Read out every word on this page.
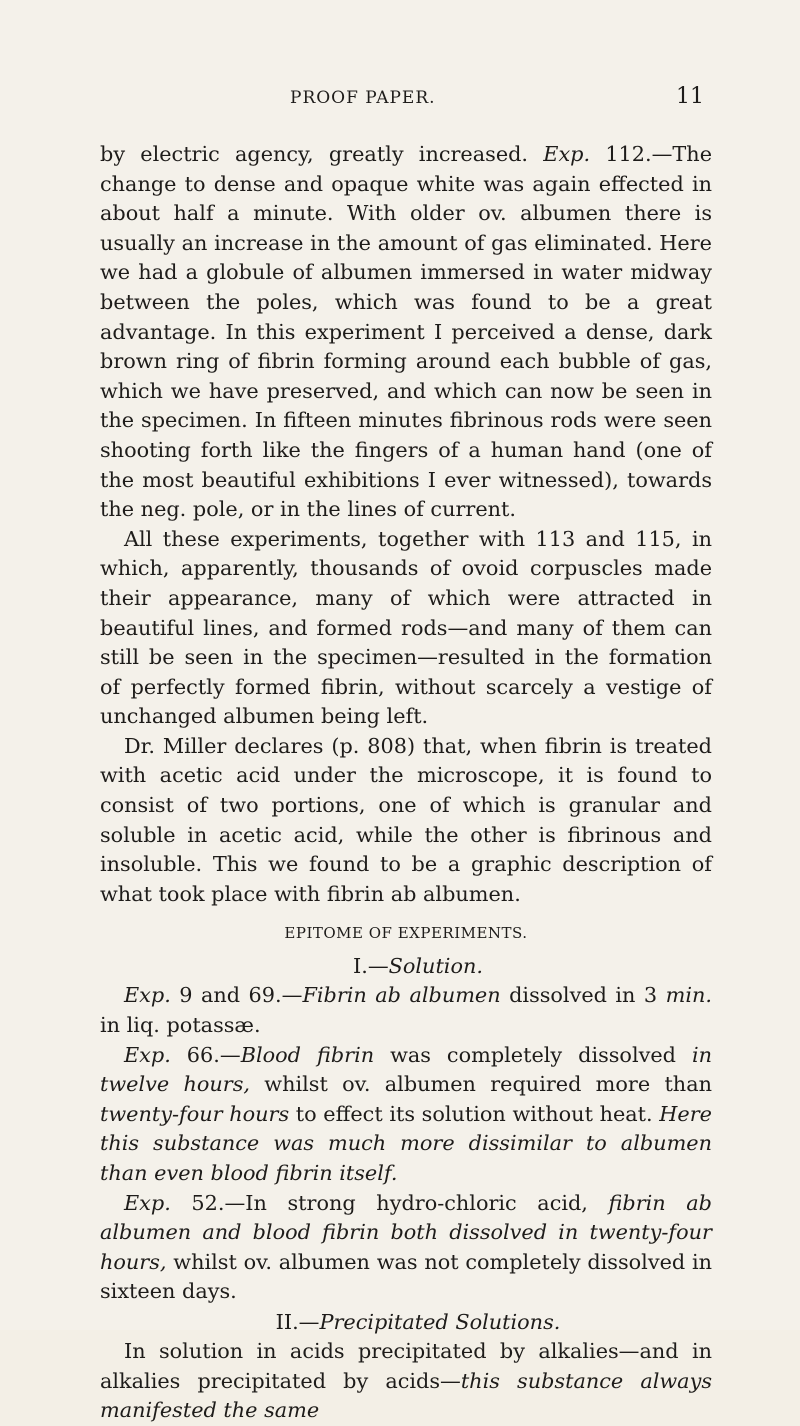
PROOF PAPER.	11

by electric agency, greatly increased. Exp. 112.—The change to dense and opaque white was again effected in about half a minute. With older ov. albumen there is usually an increase in the amount of gas eliminated. Here we had a globule of albumen immersed in water midway between the poles, which was found to be a great advantage. In this experiment I perceived a dense, dark brown ring of fibrin forming around each bubble of gas, which we have preserved, and which can now be seen in the specimen. In fifteen minutes fibrinous rods were seen shooting forth like the fingers of a human hand (one of the most beautiful exhibitions I ever witnessed), towards the neg. pole, or in the lines of current.

All these experiments, together with 113 and 115, in which, apparently, thousands of ovoid corpuscles made their appearance, many of which were attracted in beautiful lines, and formed rods—and many of them can still be seen in the specimen—resulted in the formation of perfectly formed fibrin, without scarcely a vestige of unchanged albumen being left.

Dr. Miller declares (p. 808) that, when fibrin is treated with acetic acid under the microscope, it is found to consist of two portions, one of which is granular and soluble in acetic acid, while the other is fibrinous and insoluble. This we found to be a graphic description of what took place with fibrin ab albumen.

EPITOME OF EXPERIMENTS.

I.—Solution.

Exp. 9 and 69.—Fibrin ab albumen dissolved in 3 min. in liq. potassæ.

Exp. 66.—Blood fibrin was completely dissolved in twelve hours, whilst ov. albumen required more than twenty-four hours to effect its solution without heat. Here this substance was much more dissimilar to albumen than even blood fibrin itself.

Exp. 52.—In strong hydro-chloric acid, fibrin ab albumen and blood fibrin both dissolved in twenty-four hours, whilst ov. albumen was not completely dissolved in sixteen days.

II.—Precipitated Solutions.

In solution in acids precipitated by alkalies—and in alkalies precipitated by acids—this substance always manifested the same
